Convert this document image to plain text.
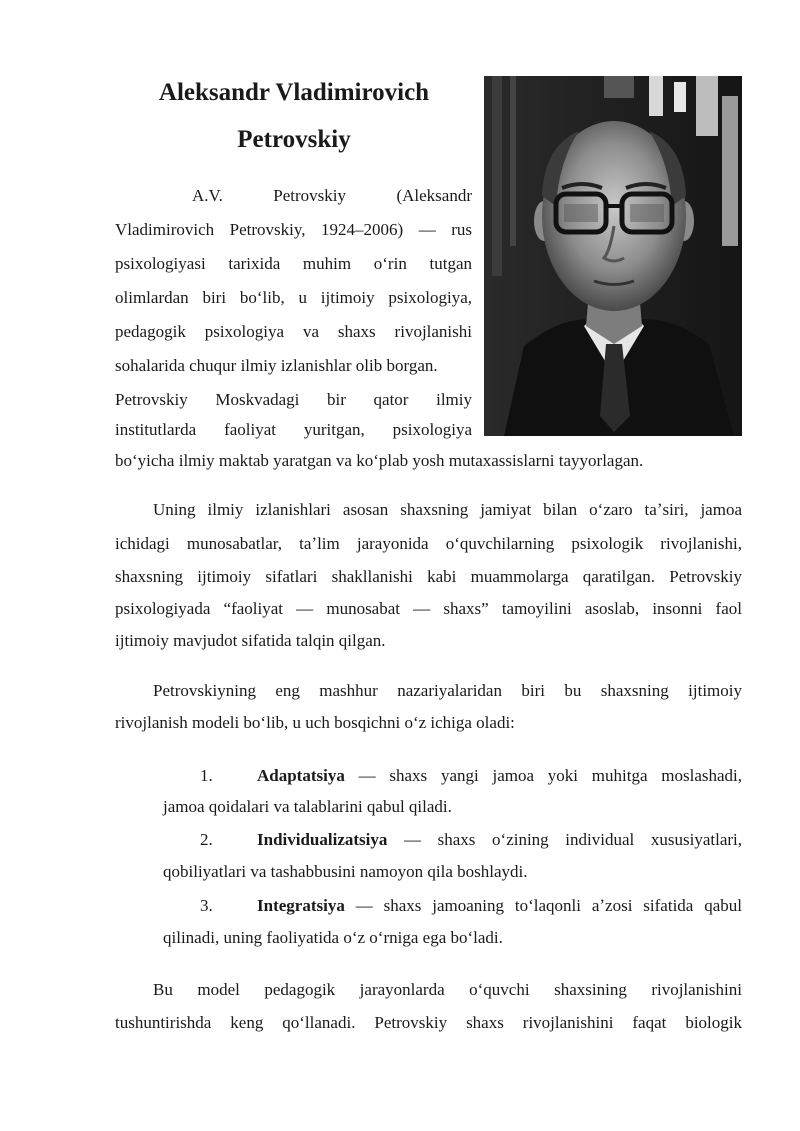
Aleksandr Vladimirovich
Petrovskiy
A.V. Petrovskiy (Aleksandr
Vladimirovich Petrovskiy, 1924–2006) — rus
psixologiyasi tarixida muhim oʻrin tutgan
olimlardan biri boʻlib, u ijtimoiy psixologiya,
pedagogik psixologiya va shaxs rivojlanishi
sohalarida chuqur ilmiy izlanishlar olib borgan.
Petrovskiy Moskvadagi bir qator ilmiy
institutlarda faoliyat yuritgan, psixologiya
boʻyicha ilmiy maktab yaratgan va koʻplab yosh mutaxassislarni tayyorlagan.
Uning ilmiy izlanishlari asosan shaxsning jamiyat bilan oʻzaro taʼsiri, jamoa
ichidagi munosabatlar, taʼlim jarayonida oʻquvchilarning psixologik rivojlanishi,
shaxsning ijtimoiy sifatlari shakllanishi kabi muammolarga qaratilgan. Petrovskiy
psixologiyada “faoliyat — munosabat — shaxs” tamoyilini asoslab, insonni faol
ijtimoiy mavjudot sifatida talqin qilgan.
Petrovskiyning eng mashhur nazariyalaridan biri bu shaxsning ijtimoiy
rivojlanish modeli boʻlib, u uch bosqichni oʻz ichiga oladi:
1.	Adaptatsiya — shaxs yangi jamoa yoki muhitga moslashadi,
jamoa qoidalari va talablarini qabul qiladi.
2.	Individualizatsiya — shaxs oʻzining individual xususiyatlari,
qobiliyatlari va tashabbusini namoyon qila boshlaydi.
3.	Integratsiya — shaxs jamoaning toʻlaqonli aʼzosi sifatida qabul
qilinadi, uning faoliyatida oʻz oʻrniga ega boʻladi.
Bu model pedagogik jarayonlarda oʻquvchi shaxsining rivojlanishini
tushuntirishda keng qoʻllanadi. Petrovskiy shaxs rivojlanishini faqat biologik
